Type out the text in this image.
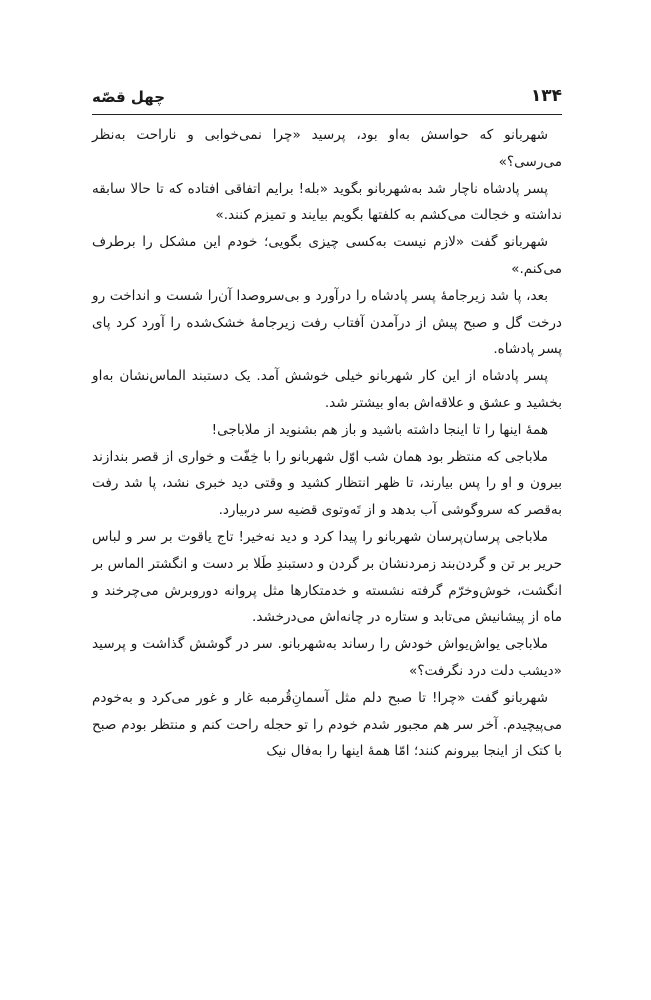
چهل قصّه	۱۳۴

شهربانو که حواسش به‌او بود، پرسید «چرا نمی‌خوابی و ناراحت به‌نظر می‌رسی؟»

پسر پادشاه ناچار شد به‌شهربانو بگوید «بله! برایم اتفاقی افتاده که تا حالا سابقه نداشته و خجالت می‌کشم به کلفتها بگویم بیایند و تمیزم کنند.»

شهربانو گفت «لازم نیست به‌کسی چیزی بگویی؛ خودم این مشکل را برطرف می‌کنم.»

بعد، پا شد زیرجامهٔ پسر پادشاه را درآورد و بی‌سروصدا آن‌را شست و انداخت رو درخت گل و صبح پیش از درآمدن آفتاب رفت زیرجامهٔ خشک‌شده را آورد کرد پای پسر پادشاه.

پسر پادشاه از این کار شهربانو خیلی خوشش آمد. یک دستبند الماس‌نشان به‌او بخشید و عشق و علاقه‌اش به‌او بیشتر شد.

همهٔ اینها را تا اینجا داشته باشید و باز هم بشنوید از ملاباجی!

ملاباجی که منتظر بود همان شب اوّل شهربانو را با خِفّت و خواری از قصر بندازند بیرون و او را پس بیارند، تا ظهر انتظار کشید و وقتی دید خبری نشد، پا شد رفت به‌قصر که سروگوشی آب بدهد و از تَه‌وتوی قضیه سر دربیارد.

ملاباجی پرسان‌پرسان شهربانو را پیدا کرد و دید نه‌خیر! تاج یاقوت بر سر و لباس حریر بر تن و گردن‌بند زمردنشان بر گردن و دستبندِ طَلا بر دست و انگشتر الماس بر انگشت، خوش‌وخرّم گرفته نشسته و خدمتکارها مثل پروانه دوروبرش می‌چرخند و ماه از پیشانیش می‌تابد و ستاره در چانه‌اش می‌درخشد.

ملاباجی یواش‌یواش خودش را رساند به‌شهربانو. سر در گوشش گذاشت و پرسید «دیشب دلت درد نگرفت؟»

شهربانو گفت «چرا! تا صبح دلم مثل آسمانِ‌قُرمبه غار و غور می‌کرد و به‌خودم می‌پیچیدم. آخر سر هم مجبور شدم خودم را تو حجله راحت کنم و منتظر بودم صبح با کتک از اینجا بیرونم کنند؛ امّا همهٔ اینها را به‌فال نیک
